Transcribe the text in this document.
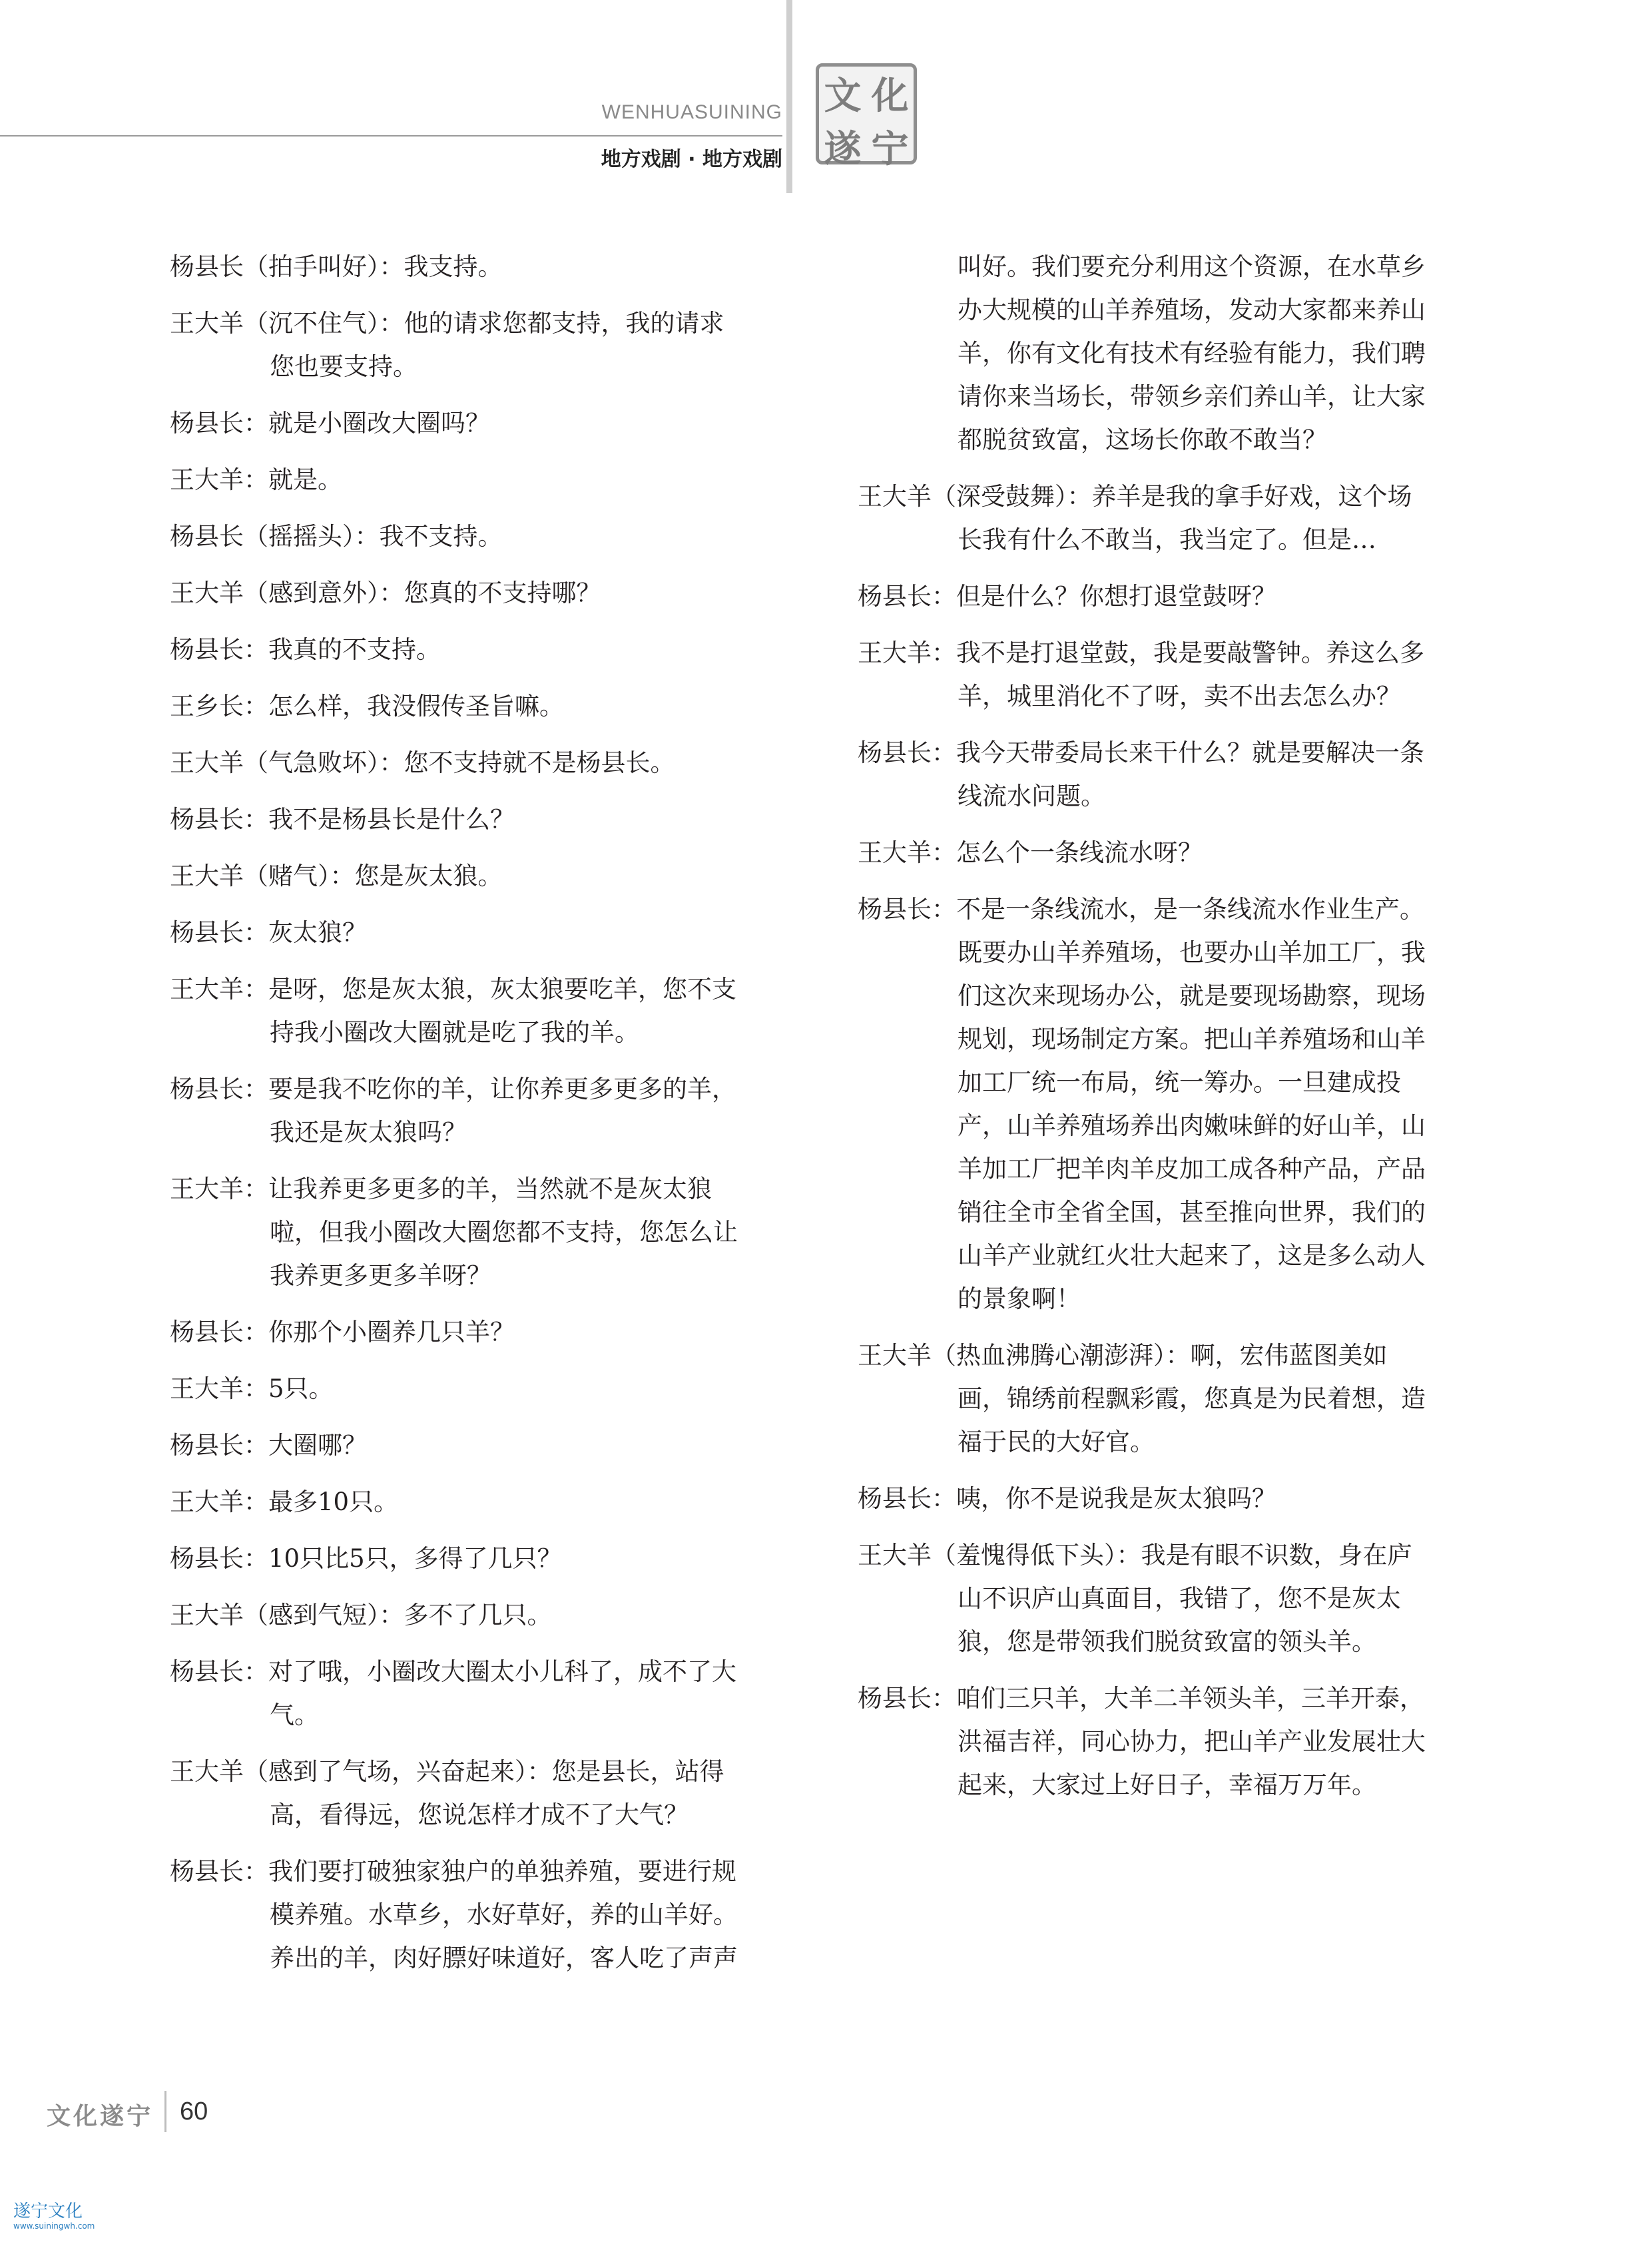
WENHUASUINING
地方戏剧 · 地方戏剧
文 化
遂 宁
杨县长（拍手叫好）：我支持。
王大羊（沉不住气）：他的请求您都支持，我的请求
您也要支持。
杨县长：就是小圈改大圈吗？
王大羊：就是。
杨县长（摇摇头）：我不支持。
王大羊（感到意外）：您真的不支持哪？
杨县长：我真的不支持。
王乡长：怎么样，我没假传圣旨嘛。
王大羊（气急败坏）：您不支持就不是杨县长。
杨县长：我不是杨县长是什么？
王大羊（赌气）：您是灰太狼。
杨县长：灰太狼？
王大羊：是呀，您是灰太狼，灰太狼要吃羊，您不支
持我小圈改大圈就是吃了我的羊。
杨县长：要是我不吃你的羊，让你养更多更多的羊，
我还是灰太狼吗？
王大羊：让我养更多更多的羊，当然就不是灰太狼
啦，但我小圈改大圈您都不支持，您怎么让
我养更多更多羊呀？
杨县长：你那个小圈养几只羊？
王大羊：5只。
杨县长：大圈哪？
王大羊：最多10只。
杨县长：10只比5只，多得了几只？
王大羊（感到气短）：多不了几只。
杨县长：对了哦，小圈改大圈太小儿科了，成不了大
气。
王大羊（感到了气场，兴奋起来）：您是县长，站得
高，看得远，您说怎样才成不了大气？
杨县长：我们要打破独家独户的单独养殖，要进行规
模养殖。水草乡，水好草好，养的山羊好。
养出的羊，肉好膘好味道好，客人吃了声声
叫好。我们要充分利用这个资源，在水草乡
办大规模的山羊养殖场，发动大家都来养山
羊，你有文化有技术有经验有能力，我们聘
请你来当场长，带领乡亲们养山羊，让大家
都脱贫致富，这场长你敢不敢当？
王大羊（深受鼓舞）：养羊是我的拿手好戏，这个场
长我有什么不敢当，我当定了。但是…
杨县长：但是什么？你想打退堂鼓呀？
王大羊：我不是打退堂鼓，我是要敲警钟。养这么多
羊，城里消化不了呀，卖不出去怎么办？
杨县长：我今天带委局长来干什么？就是要解决一条
线流水问题。
王大羊：怎么个一条线流水呀？
杨县长：不是一条线流水，是一条线流水作业生产。
既要办山羊养殖场，也要办山羊加工厂，我
们这次来现场办公，就是要现场勘察，现场
规划，现场制定方案。把山羊养殖场和山羊
加工厂统一布局，统一筹办。一旦建成投
产，山羊养殖场养出肉嫩味鲜的好山羊，山
羊加工厂把羊肉羊皮加工成各种产品，产品
销往全市全省全国，甚至推向世界，我们的
山羊产业就红火壮大起来了，这是多么动人
的景象啊！
王大羊（热血沸腾心潮澎湃）：啊，宏伟蓝图美如
画，锦绣前程飘彩霞，您真是为民着想，造
福于民的大好官。
杨县长：咦，你不是说我是灰太狼吗？
王大羊（羞愧得低下头）：我是有眼不识数，身在庐
山不识庐山真面目，我错了，您不是灰太
狼，您是带领我们脱贫致富的领头羊。
杨县长：咱们三只羊，大羊二羊领头羊，三羊开泰，
洪福吉祥，同心协力，把山羊产业发展壮大
起来，大家过上好日子，幸福万万年。
文化遂宁 60
遂宁文化
www.suiningwh.com
